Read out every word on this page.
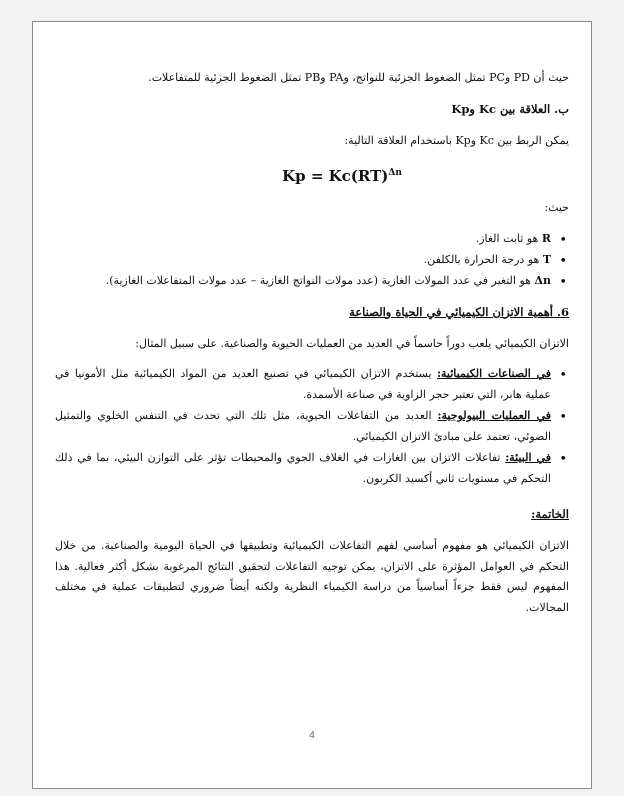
حيث أن PD وPC تمثل الضغوط الجزئية للنواتج، وPA وPB تمثل الضغوط الجزئية للمتفاعلات.

ب. العلاقة بين Kc وKp

يمكن الربط بين Kc وKp باستخدام العلاقة التالية:

Kp = Kc(RT)$^{\Delta n}$

حيث:

• R هو ثابت الغاز.
• T هو درجة الحرارة بالكلفن.
• Δn هو التغير في عدد المولات الغازية (عدد مولات النواتج الغازية – عدد مولات المتفاعلات الغازية).

6. أهمية الاتزان الكيميائي في الحياة والصناعة

الاتزان الكيميائي يلعب دوراً حاسماً في العديد من العمليات الحيوية والصناعية. على سبيل المثال:

• في الصناعات الكيميائية: يستخدم الاتزان الكيميائي في تصنيع العديد من المواد الكيميائية مثل الأمونيا في عملية هابر، التي تعتبر حجر الزاوية في صناعة الأسمدة.
• في العمليات البيولوجية: العديد من التفاعلات الحيوية، مثل تلك التي تحدث في التنفس الخلوي والتمثيل الضوئي، تعتمد على مبادئ الاتزان الكيميائي.
• في البيئة: تفاعلات الاتزان بين الغازات في الغلاف الجوي والمحيطات تؤثر على التوازن البيئي، بما في ذلك التحكم في مستويات ثاني أكسيد الكربون.

الخاتمة:

الاتزان الكيميائي هو مفهوم أساسي لفهم التفاعلات الكيميائية وتطبيقها في الحياة اليومية والصناعية. من خلال التحكم في العوامل المؤثرة على الاتزان، يمكن توجيه التفاعلات لتحقيق النتائج المرغوبة بشكل أكثر فعالية. هذا المفهوم ليس فقط جزءاً أساسياً من دراسة الكيمياء النظرية ولكنه أيضاً ضروري لتطبيقات عملية في مختلف المجالات.

4
